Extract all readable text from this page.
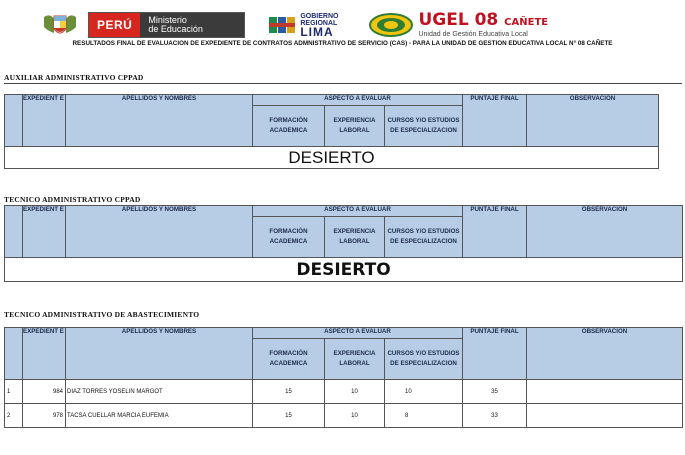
PERÚ	Ministerio
de Educación
GOBIERNO
REGIONAL
LIMA
UGEL 08 CAÑETE
Unidad de Gestión Educativa Local
RESULTADOS FINAL DE EVALUACION DE EXPEDIENTE DE CONTRATOS ADMNISTRATIVO DE SERVICIO (CAS) - PARA LA UNIDAD DE GESTION EDUCATIVA LOCAL N° 08 CAÑETE
AUXILIAR ADMINISTRATIVO CPPAD
	EXPEDIENT E	APELLIDOS Y NOMBRES	ASPECTO A EVALUAR			PUNTAJE FINAL	OBSERVACIÓN
			FORMACIÓN ACADEMICA	EXPERIENCIA LABORAL	CURSOS Y/O ESTUDIOS DE ESPECIALIZACION		
DESIERTO							
TECNICO ADMINISTRATIVO CPPAD
	EXPEDIENT E	APELLIDOS Y NOMBRES	ASPECTO A EVALUAR			PUNTAJE FINAL	OBSERVACIÓN
			FORMACIÓN ACADEMICA	EXPERIENCIA LABORAL	CURSOS Y/O ESTUDIOS DE ESPECIALIZACION		
DESIERTO							
TECNICO ADMINISTRATIVO DE ABASTECIMIENTO
	EXPEDIENT E	APELLIDOS Y NOMBRES	ASPECTO A EVALUAR			PUNTAJE FINAL	OBSERVACIÓN
			FORMACIÓN ACADEMICA	EXPERIENCIA LABORAL	CURSOS Y/O ESTUDIOS DE ESPECIALIZACION		
1	984	DIAZ TORRES YOSELIN MARGOT	15	10	10	35	
2	978	TACSA CUELLAR MARCIA EUFEMIA	15	10	8	33	
